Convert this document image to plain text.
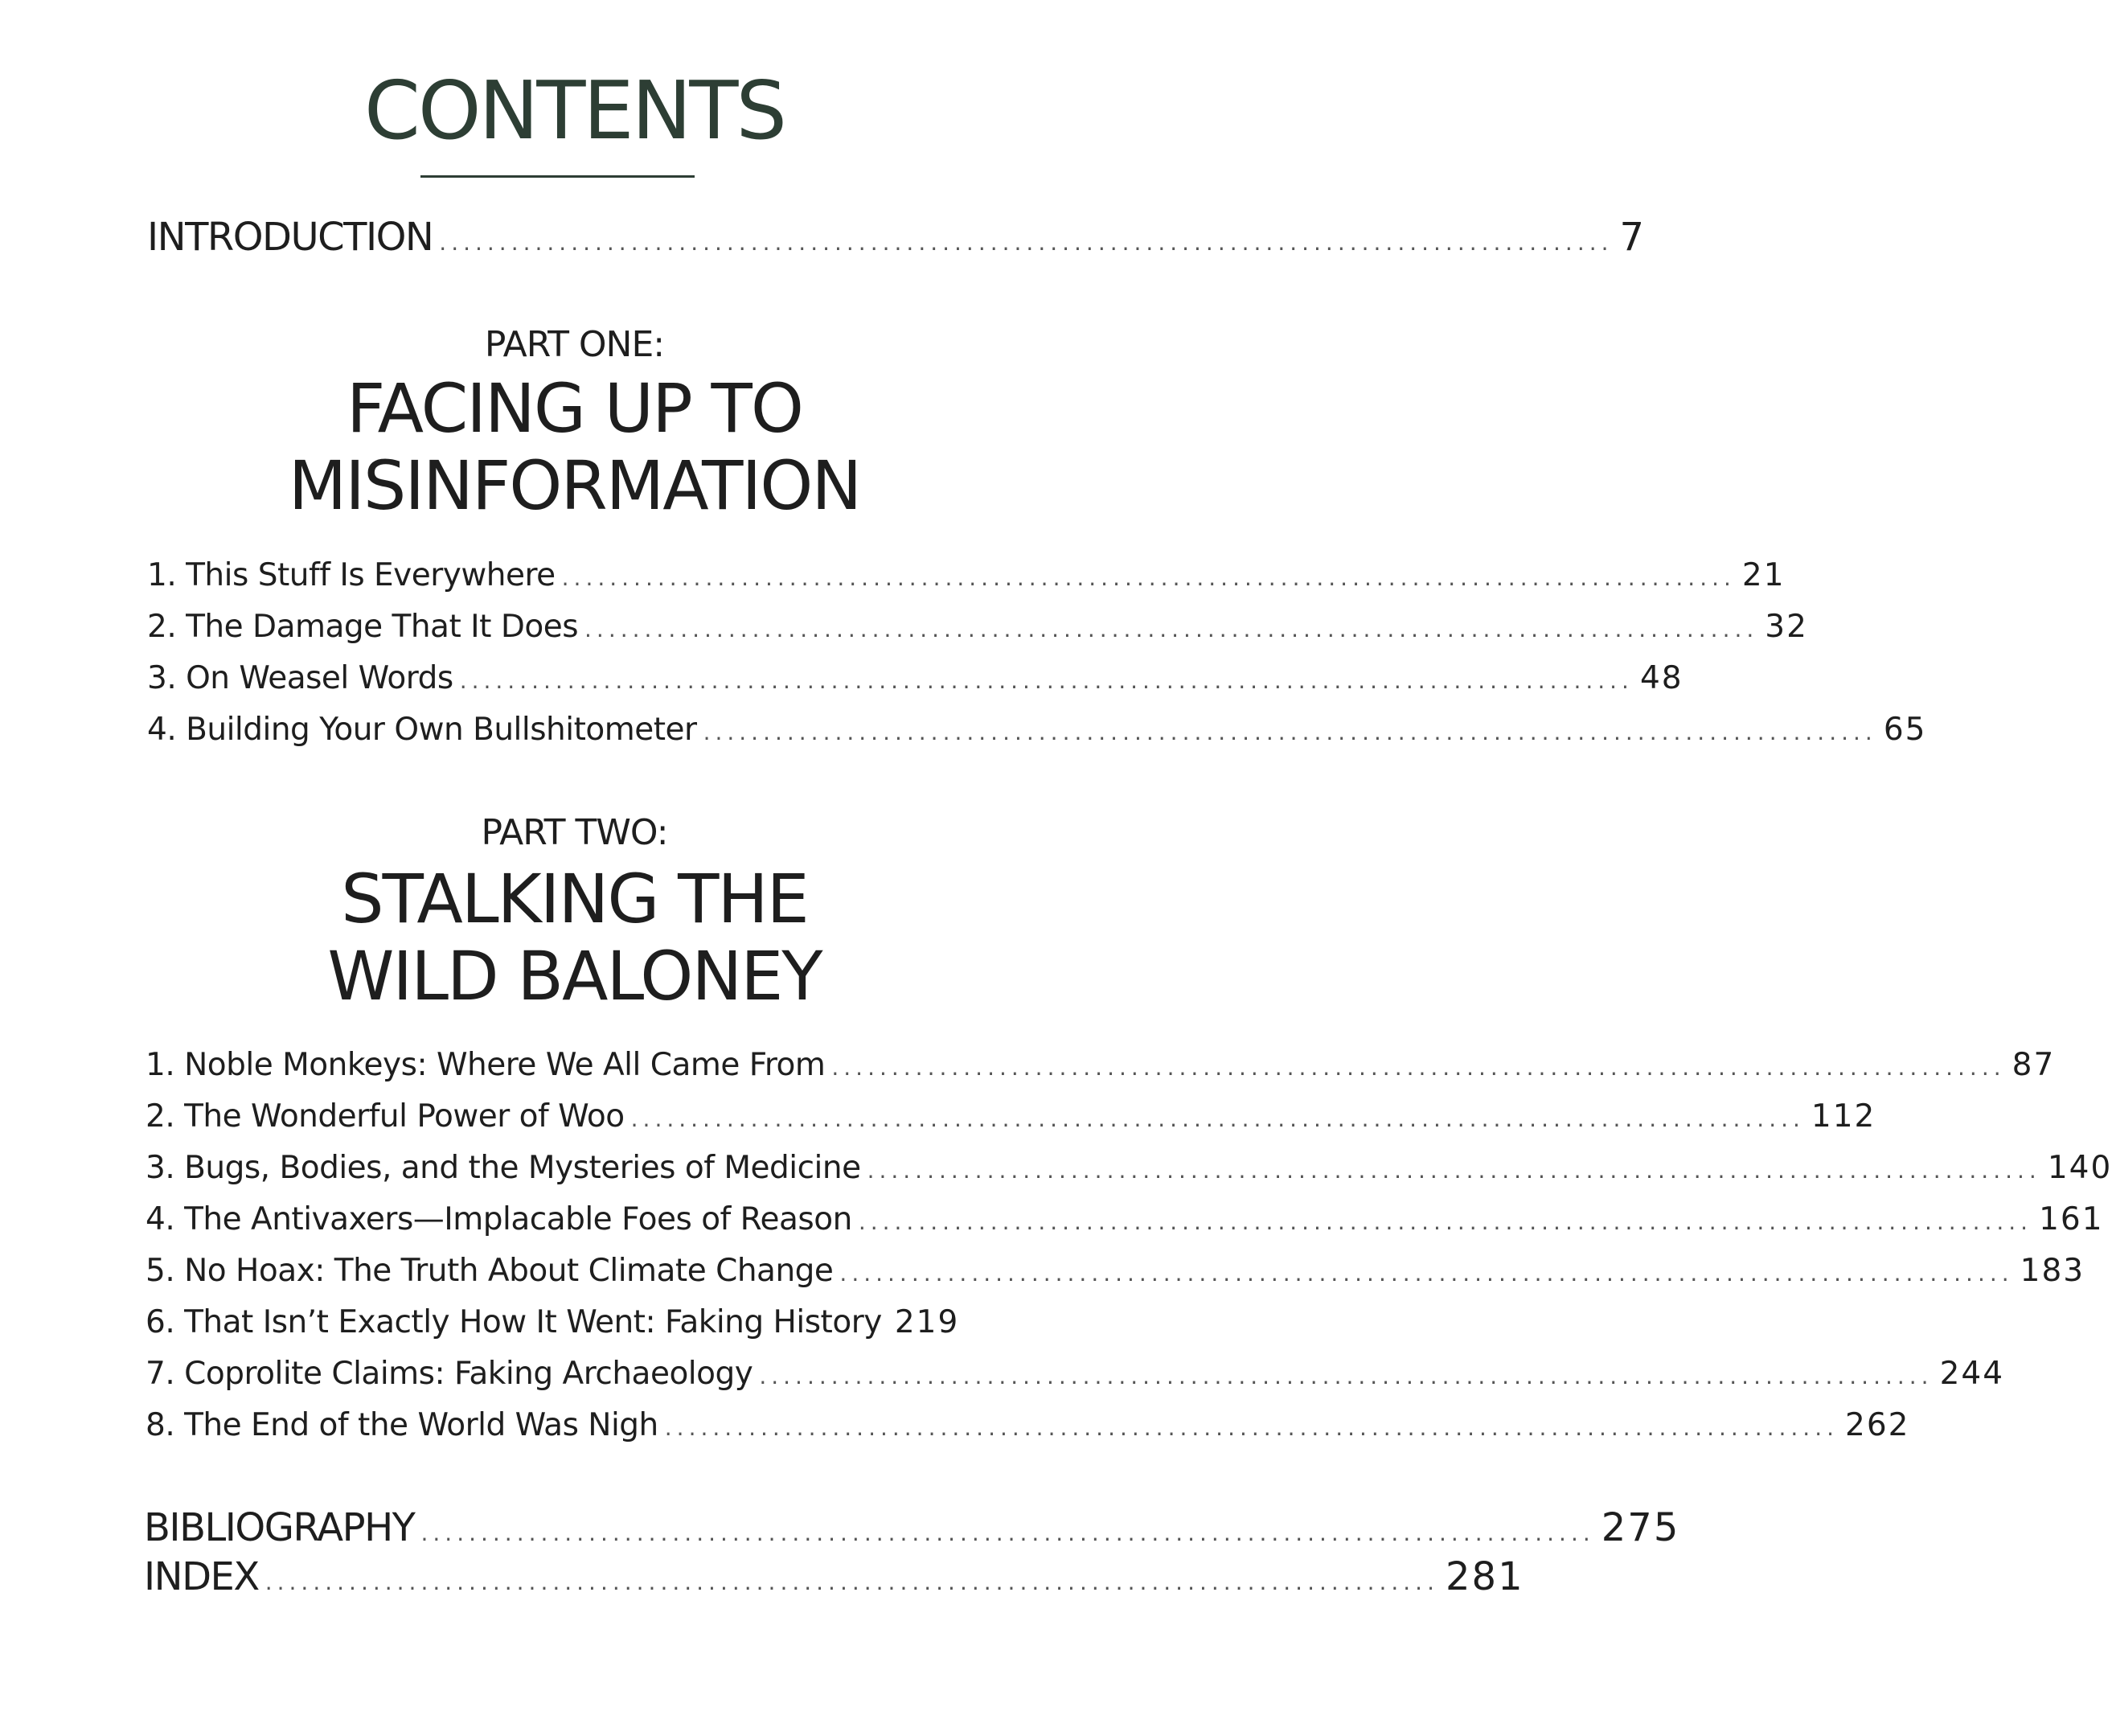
CONTENTS
INTRODUCTION .................................................................................................. 7
PART ONE:
FACING UP TO
MISINFORMATION
1. This Stuff Is Everywhere .................................................................................................. 21
2. The Damage That It Does .................................................................................................. 32
3. On Weasel Words .................................................................................................. 48
4. Building Your Own Bullshitometer .................................................................................................. 65
PART TWO:
STALKING THE
WILD BALONEY
1. Noble Monkeys: Where We All Came From .................................................................................................. 87
2. The Wonderful Power of Woo .................................................................................................. 112
3. Bugs, Bodies, and the Mysteries of Medicine .................................................................................................. 140
4. The Antivaxers—Implacable Foes of Reason .................................................................................................. 161
5. No Hoax: The Truth About Climate Change .................................................................................................. 183
6. That Isn’t Exactly How It Went: Faking History 219
7. Coprolite Claims: Faking Archaeology .................................................................................................. 244
8. The End of the World Was Nigh .................................................................................................. 262
BIBLIOGRAPHY .................................................................................................. 275
INDEX .................................................................................................. 281
